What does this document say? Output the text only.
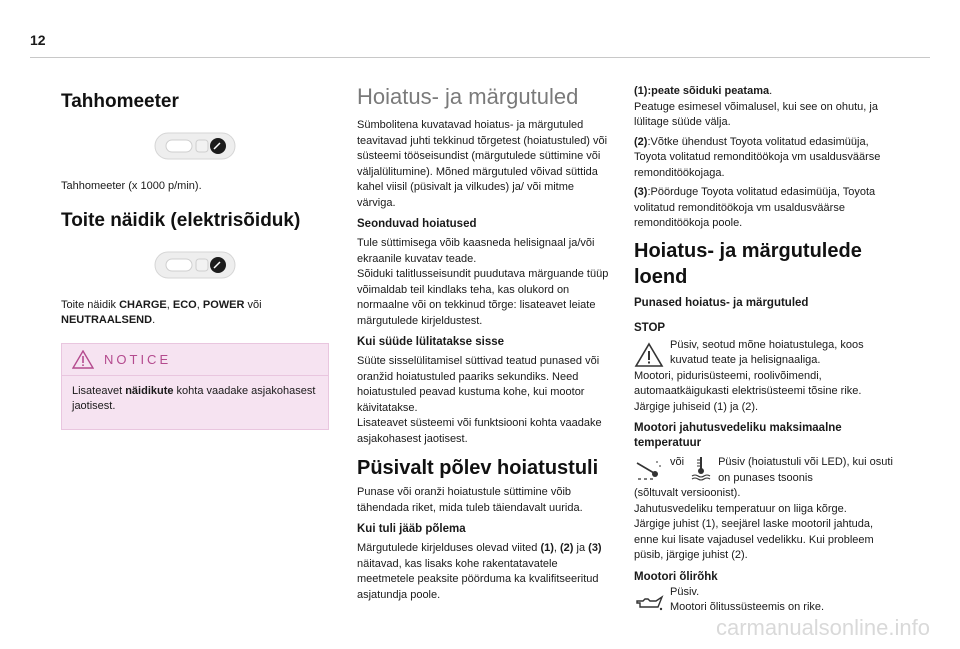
12
Tahhomeeter

Tahhomeeter (x 1000 p/min).

Toite näidik (elektrisõiduk)

Toite näidik CHARGE, ECO, POWER või NEUTRAALSEND.

NOTICE

Lisateavet näidikute kohta vaadake asjakohasest jaotisest.

Hoiatus- ja märgutuled

Sümbolitena kuvatavad hoiatus- ja märgutuled teavitavad juhti tekkinud tõrgetest (hoiatustuled) või süsteemi tööseisundist (märgutulede süttimine või väljalülitumine). Mõned märgutuled võivad süttida kahel viisil (püsivalt ja vilkudes) ja/ või mitme värviga.

Seonduvad hoiatused

Tule süttimisega võib kaasneda helisignaal ja/või ekraanile kuvatav teade.
Sõiduki talitlusseisundit puudutava märguande tüüp võimaldab teil kindlaks teha, kas olukord on normaalne või on tekkinud tõrge: lisateavet leiate märgutulede kirjeldustest.

Kui süüde lülitatakse sisse

Süüte sisselülitamisel süttivad teatud punased või oranžid hoiatustuled paariks sekundiks. Need hoiatustuled peavad kustuma kohe, kui mootor käivitatakse.
Lisateavet süsteemi või funktsiooni kohta vaadake asjakohasest jaotisest.

Püsivalt põlev hoiatustuli

Punase või oranži hoiatustule süttimine võib tähendada riket, mida tuleb täiendavalt uurida.

Kui tuli jääb põlema

Märgutulede kirjelduses olevad viited (1), (2) ja (3) näitavad, kas lisaks kohe rakentatavatele meetmetele peaksite pöörduma ka kvalifitseeritud asjatundja poole.

(1):peate sõiduki peatama.
Peatuge esimesel võimalusel, kui see on ohutu, ja lülitage süüde välja.

(2):Võtke ühendust Toyota volitatud edasimüüja, Toyota volitatud remonditöökoja vm usaldusväärse remonditöökojaga.

(3):Pöörduge Toyota volitatud edasimüüja, Toyota volitatud remonditöökoja vm usaldusväärse remonditöökoja poole.

Hoiatus- ja märgutulede loend
Punased hoiatus- ja märgutuled
STOP

Püsiv, seotud mõne hoiatustulega, koos kuvatud teate ja helisignaaliga.

Mootori, pidurisüsteemi, roolivõimendi, automaatkäigukasti elektrisüsteemi tõsine rike.
Järgige juhiseid (1) ja (2).

Mootori jahutusvedeliku maksimaalne temperatuur

või	Püsiv (hoiatustuli või LED), kui osuti on punases tsoonis

(sõltuvalt versioonist).
Jahutusvedeliku temperatuur on liiga kõrge.
Järgige juhist (1), seejärel laske mootoril jahtuda, enne kui lisate vajadusel vedelikku. Kui probleem püsib, järgige juhist (2).

Mootori õlirõhk

Püsiv.
Mootori õlitussüsteemis on rike.

carmanualsonline.info
